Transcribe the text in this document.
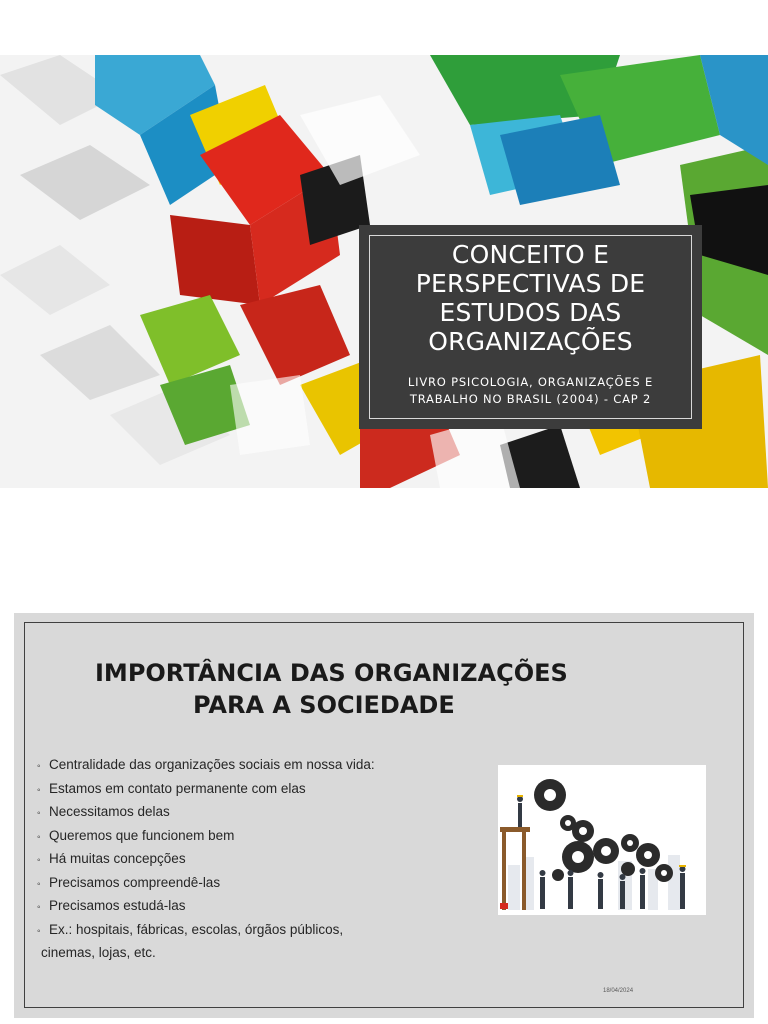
CONCEITO E
PERSPECTIVAS DE
ESTUDOS DAS
ORGANIZAÇÕES
LIVRO PSICOLOGIA, ORGANIZAÇÕES E
TRABALHO NO BRASIL (2004) - CAP 2
IMPORTÂNCIA DAS ORGANIZAÇÕES
PARA A SOCIEDADE
◦ Centralidade das organizações sociais em nossa vida:
◦ Estamos em contato permanente com elas
◦ Necessitamos delas
◦ Queremos que funcionem bem
◦ Há muitas concepções
◦ Precisamos compreendê-las
◦ Precisamos estudá-las
◦ Ex.: hospitais, fábricas, escolas, órgãos públicos,
cinemas, lojas, etc.
18/04/2024
